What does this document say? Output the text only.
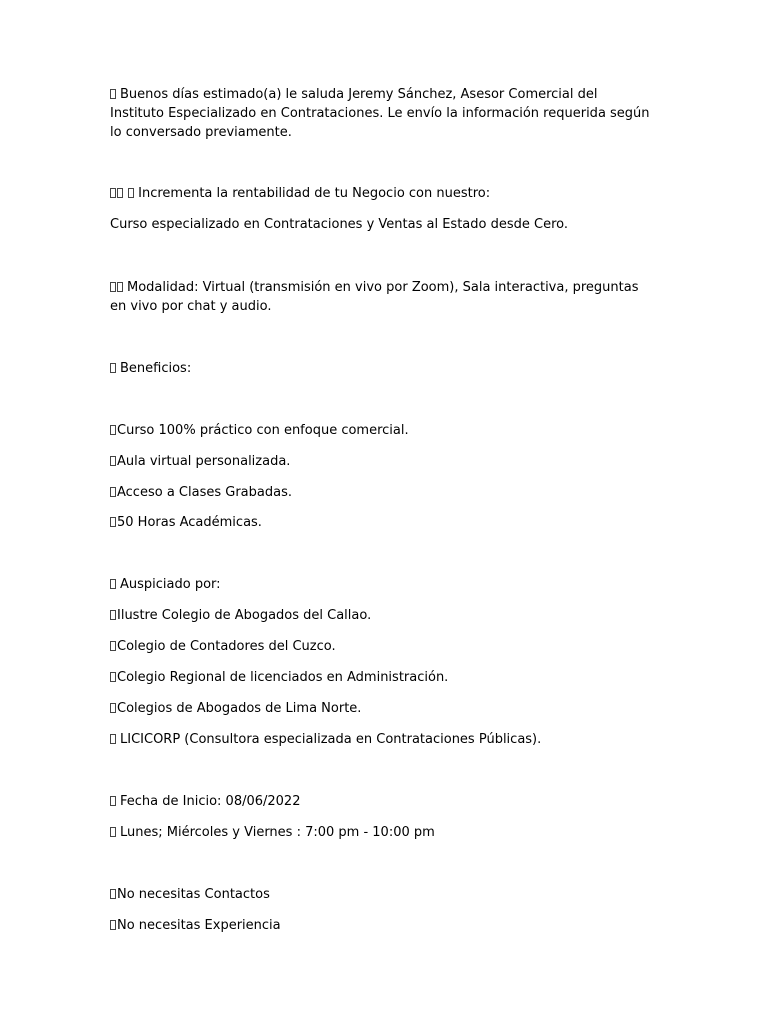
Buenos días estimado(a) le saluda Jeremy Sánchez, Asesor Comercial del Instituto Especializado en Contrataciones. Le envío la información requerida según lo conversado previamente.
Incrementa la rentabilidad de tu Negocio con nuestro:
Curso especializado en Contrataciones y Ventas al Estado desde Cero.
Modalidad: Virtual (transmisión en vivo por Zoom), Sala interactiva, preguntas en vivo por chat y audio.
Beneficios:
Curso 100% práctico con enfoque comercial.
Aula virtual personalizada.
Acceso a Clases Grabadas.
50 Horas Académicas.
Auspiciado por:
Ilustre Colegio de Abogados del Callao.
Colegio de Contadores del Cuzco.
Colegio Regional de licenciados en Administración.
Colegios de Abogados de Lima Norte.
LICICORP (Consultora especializada en Contrataciones Públicas).
Fecha de Inicio: 08/06/2022
Lunes; Miércoles y Viernes : 7:00 pm - 10:00 pm
No necesitas Contactos
No necesitas Experiencia
